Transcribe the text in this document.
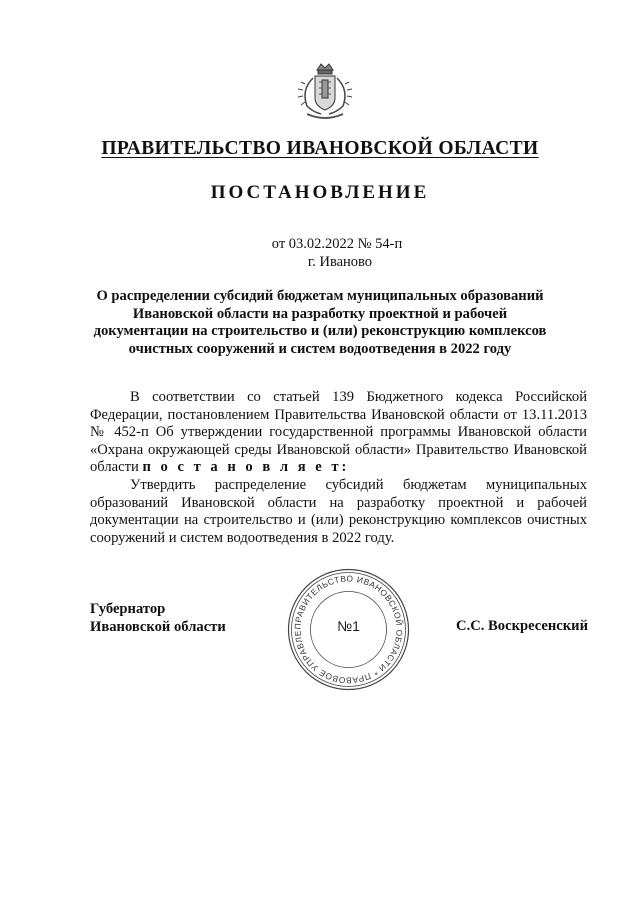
ПРАВИТЕЛЬСТВО ИВАНОВСКОЙ ОБЛАСТИ
ПОСТАНОВЛЕНИЕ
от 03.02.2022 № 54-п
г. Иваново
О распределении субсидий бюджетам муниципальных образований Ивановской области на разработку проектной и рабочей документации на строительство и (или) реконструкцию комплексов очистных сооружений и систем водоотведения в 2022 году

В соответствии со статьей 139 Бюджетного кодекса Российской Федерации, постановлением Правительства Ивановской области от 13.11.2013 № 452-п Об утверждении государственной программы Ивановской области «Охрана окружающей среды Ивановской области» Правительство Ивановской области п о с т а н о в л я е т:

Утвердить распределение субсидий бюджетам муниципальных образований Ивановской области на разработку проектной и рабочей документации на строительство и (или) реконструкцию комплексов очистных сооружений и систем водоотведения в 2022 году.

Губернатор
Ивановской области	ПРАВИТЕЛЬСТВО ИВАНОВСКОЙ ОБЛАСТИ * ПРАВОВОЕ УПРАВЛЕ	№1	С.С. Воскресенский
